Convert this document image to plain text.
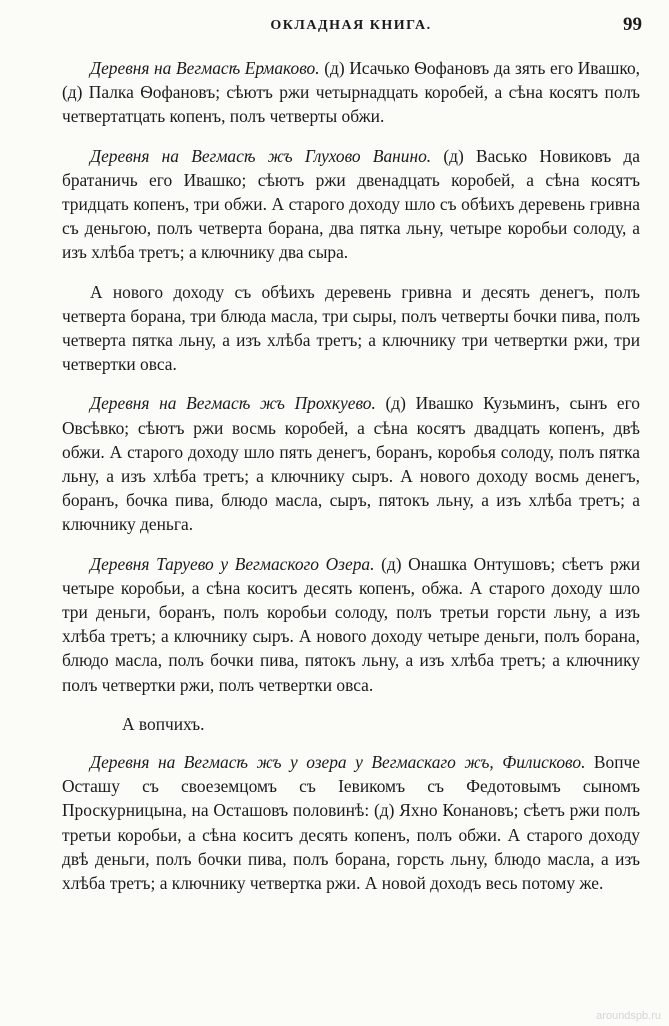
ОКЛАДНАЯ КНИГА.	99

Деревня на Вегмасѣ Ермаково. (д) Исачько Ѳофановъ да зять его Ивашко, (д) Палка Ѳофановъ; сѣютъ ржи четырнадцать коробей, а сѣна косятъ полъ четвертатцать копенъ, полъ четверты обжи.

Деревня на Вегмасѣ жъ Глухово Ванино. (д) Васько Новиковъ да братаничь его Ивашко; сѣютъ ржи двенадцать коробей, а сѣна косятъ тридцать копенъ, три обжи. А старого доходу шло съ обѣихъ деревень гривна съ деньгою, полъ четверта борана, два пятка льну, четыре коробьи солоду, а изъ хлѣба третъ; а ключнику два сыра.

А нового доходу съ обѣихъ деревень гривна и десять денегъ, полъ четверта борана, три блюда масла, три сыры, полъ четверты бочки пива, полъ четверта пятка льну, а изъ хлѣба третъ; а ключнику три четвертки ржи, три четвертки овса.

Деревня на Вегмасѣ жъ Прохкуево. (д) Ивашко Кузьминъ, сынъ его Овсѣвко; сѣютъ ржи восмь коробей, а сѣна косятъ двадцать копенъ, двѣ обжи. А старого доходу шло пять денегъ, боранъ, коробья солоду, полъ пятка льну, а изъ хлѣба третъ; а ключнику сыръ. А нового доходу восмь денегъ, боранъ, бочка пива, блюдо масла, сыръ, пятокъ льну, а изъ хлѣба третъ; а ключнику деньга.

Деревня Таруево у Вегмаского Озера. (д) Онашка Онтушовъ; сѣетъ ржи четыре коробьи, а сѣна коситъ десять копенъ, обжа. А старого доходу шло три деньги, боранъ, полъ коробьи солоду, полъ третьи горсти льну, а изъ хлѣба третъ; а ключнику сыръ. А нового доходу четыре деньги, полъ борана, блюдо масла, полъ бочки пива, пятокъ льну, а изъ хлѣба третъ; а ключнику полъ четвертки ржи, полъ четвертки овса.

А вопчихъ.

Деревня на Вегмасѣ жъ у озера у Вегмаскаго жъ, Филисково. Вопче Осташу съ своеземцомъ съ Іевикомъ съ Федотовымъ сыномъ Проскурницына, на Осташовъ половинѣ: (д) Яхно Конановъ; сѣетъ ржи полъ третьи коробьи, а сѣна коситъ десять копенъ, полъ обжи. А старого доходу двѣ деньги, полъ бочки пива, полъ борана, горсть льну, блюдо масла, а изъ хлѣба третъ; а ключнику четвертка ржи. А новой доходъ весь потому же.

aroundspb.ru
